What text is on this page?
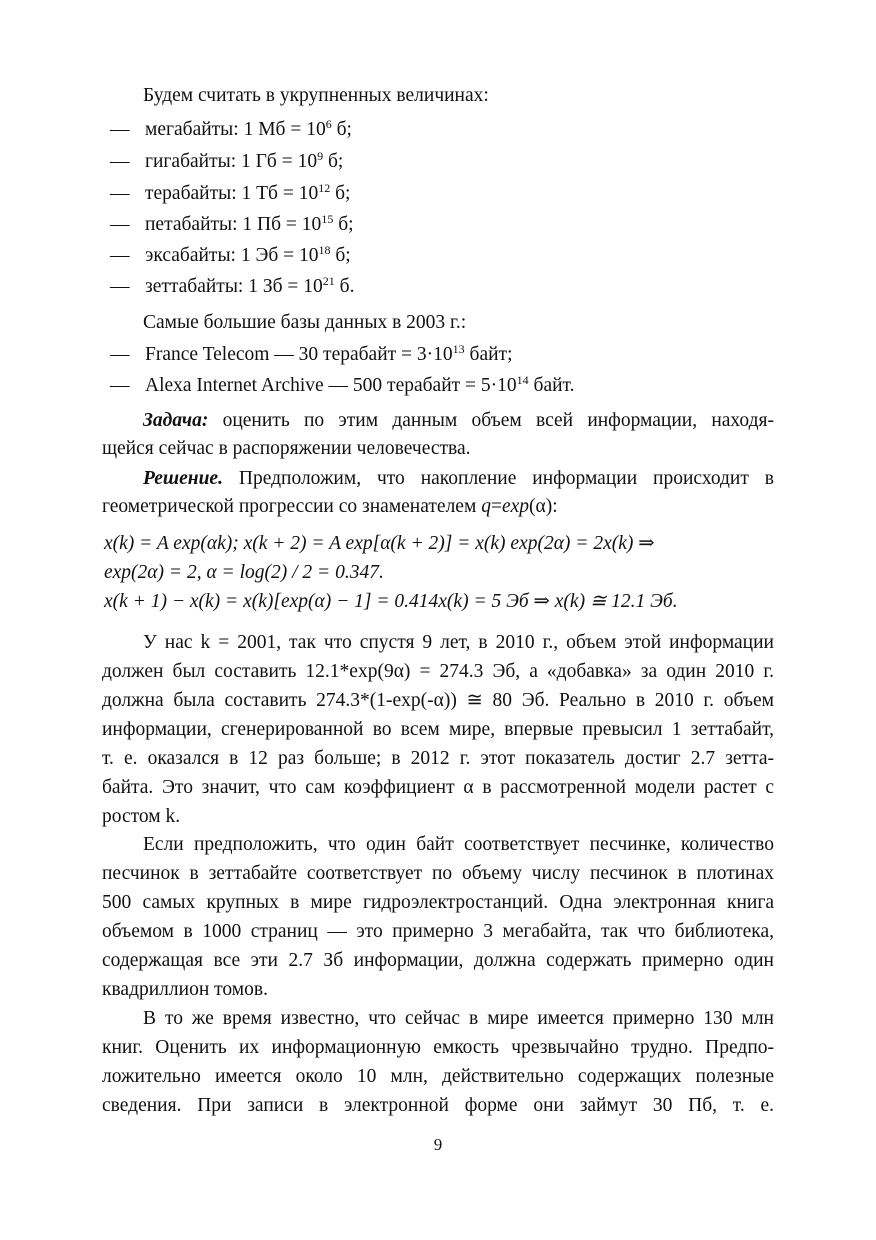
Будем считать в укрупненных величинах:
— мегабайты: 1 Мб = $10^6$ б;
— гигабайты: 1 Гб = $10^9$ б;
— терабайты: 1 Тб = $10^{12}$ б;
— петабайты: 1 Пб = $10^{15}$ б;
— эксабайты: 1 Эб = $10^{18}$ б;
— зеттабайты: 1 Зб = $10^{21}$ б.
Самые большие базы данных в 2003 г.:
— France Telecom — 30 терабайт = $3\cdot 10^{13}$ байт;
— Alexa Internet Archive — 500 терабайт = $5\cdot 10^{14}$ байт.
Задача: оценить по этим данным объем всей информации, находя-
щейся сейчас в распоряжении человечества.
Решение. Предположим, что накопление информации происходит в
геометрической прогрессии со знаменателем q=exp(α):
x(k) = A exp(αk); x(k + 2) = A exp[α(k + 2)] = x(k) exp(2α) = 2x(k) ⇒
exp(2α) = 2, α = log(2) / 2 = 0.347.
x(k + 1) − x(k) = x(k)[exp(α) − 1] = 0.414x(k) = 5 Эб ⇒ x(k) ≅ 12.1 Эб.
У нас k = 2001, так что спустя 9 лет, в 2010 г., объем этой информации
должен был составить 12.1*exp(9α) = 274.3 Эб, а «добавка» за один 2010 г.
должна была составить 274.3*(1-exp(-α)) ≅ 80 Эб. Реально в 2010 г. объем
информации, сгенерированной во всем мире, впервые превысил 1 зеттабайт,
т. е. оказался в 12 раз больше; в 2012 г. этот показатель достиг 2.7 зетта-
байта. Это значит, что сам коэффициент α в рассмотренной модели растет с
ростом k.
Если предположить, что один байт соответствует песчинке, количество
песчинок в зеттабайте соответствует по объему числу песчинок в плотинах
500 самых крупных в мире гидроэлектростанций. Одна электронная книга
объемом в 1000 страниц — это примерно 3 мегабайта, так что библиотека,
содержащая все эти 2.7 Зб информации, должна содержать примерно один
квадриллион томов.
В то же время известно, что сейчас в мире имеется примерно 130 млн
книг. Оценить их информационную емкость чрезвычайно трудно. Предпо-
ложительно имеется около 10 млн, действительно содержащих полезные
сведения. При записи в электронной форме они займут 30 Пб, т. е.
9
